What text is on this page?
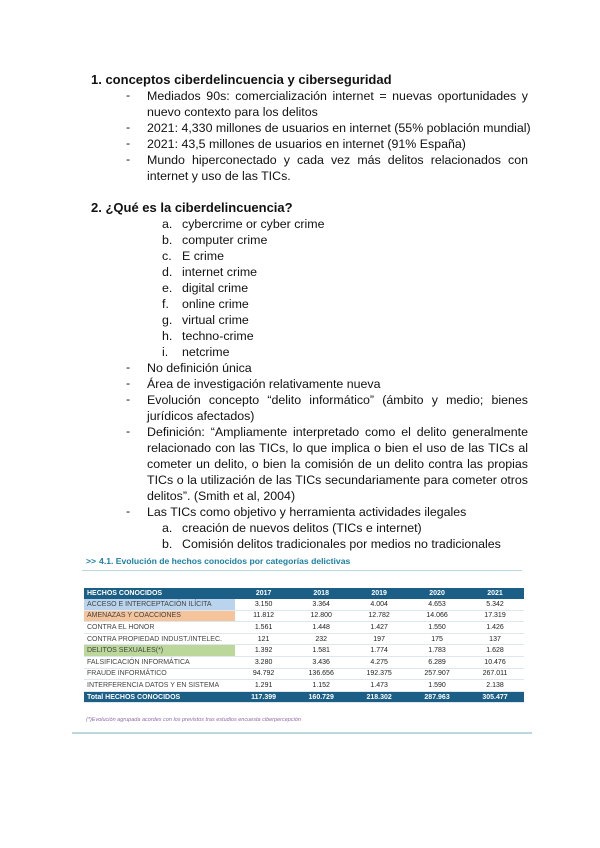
1. conceptos ciberdelincuencia y ciberseguridad
- Mediados 90s: comercialización internet = nuevas oportunidades y
nuevo contexto para los delitos
- 2021: 4,330 millones de usuarios en internet (55% población mundial)
- 2021: 43,5 millones de usuarios en internet (91% España)
- Mundo hiperconectado y cada vez más delitos relacionados con
internet y uso de las TICs.
2. ¿Qué es la ciberdelincuencia?
a. cybercrime or cyber crime
b. computer crime
c. E crime
d. internet crime
e. digital crime
f. online crime
g. virtual crime
h. techno-crime
i. netcrime
- No definición única
- Área de investigación relativamente nueva
- Evolución concepto “delito informático” (ámbito y medio; bienes
jurídicos afectados)
- Definición: “Ampliamente interpretado como el delito generalmente
relacionado con las TICs, lo que implica o bien el uso de las TICs al
cometer un delito, o bien la comisión de un delito contra las propias
TICs o la utilización de las TICs secundariamente para cometer otros
delitos”. (Smith et al, 2004)
- Las TICs como objetivo y herramienta actividades ilegales
a. creación de nuevos delitos (TICs e internet)
b. Comisión delitos tradicionales por medios no tradicionales
>> 4.1. Evolución de hechos conocidos por categorías delictivas
HECHOS CONOCIDOS	2017	2018	2019	2020	2021
ACCESO E INTERCEPTACIÓN ILÍCITA	3.150	3.364	4.004	4.653	5.342
AMENAZAS Y COACCIONES	11.812	12.800	12.782	14.066	17.319
CONTRA EL HONOR	1.561	1.448	1.427	1.550	1.426
CONTRA PROPIEDAD INDUST./INTELEC.	121	232	197	175	137
DELITOS SEXUALES(*)	1.392	1.581	1.774	1.783	1.628
FALSIFICACIÓN INFORMÁTICA	3.280	3.436	4.275	6.289	10.476
FRAUDE INFORMÁTICO	94.792	136.656	192.375	257.907	267.011
INTERFERENCIA DATOS Y EN SISTEMA	1.291	1.152	1.473	1.590	2.138
Total HECHOS CONOCIDOS	117.399	160.729	218.302	287.963	305.477
(*)Evolución agrupada acordes con los previstos tras estudios encuesta ciberpercepción
